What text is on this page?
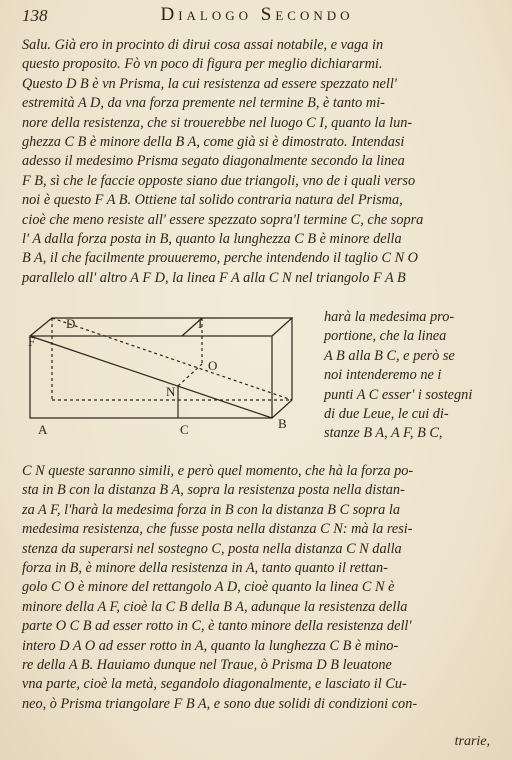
138	Dialogo Secondo
Salu. Già ero in procinto di dirui cosa assai notabile, e vaga in
questo proposito. Fò vn poco di figura per meglio dichiararmi.
Questo D B è vn Prisma, la cui resistenza ad essere spezzato nell'
estremità A D, da vna forza premente nel termine B, è tanto mi-
nore della resistenza, che si trouerebbe nel luogo C I, quanto la lun-
ghezza C B è minore della B A, come già si è dimostrato. Intendasi
adesso il medesimo Prisma segato diagonalmente secondo la linea
F B, sì che le faccie opposte siano due triangoli, vno de i quali verso
noi è questo F A B. Ottiene tal solido contraria natura del Prisma,
cioè che meno resiste all' essere spezzato sopra'l termine C, che sopra
l' A dalla forza posta in B, quanto la lunghezza C B è minore della
B A, il che facilmente prouueremo, perche intendendo il taglio C N O
parallelo all' altro A F D, la linea F A alla C N nel triangolo F A B
D	I
F
O
N
A	C	B
harà la medesima pro-
portione, che la linea
A B alla B C, e però se
noi intenderemo ne i
punti A C esser' i sostegni
di due Leue, le cui di-
stanze B A, A F, B C,
C N queste saranno simili, e però quel momento, che hà la forza po-
sta in B con la distanza B A, sopra la resistenza posta nella distan-
za A F, l'harà la medesima forza in B con la distanza B C sopra la
medesima resistenza, che fusse posta nella distanza C N: mà la resi-
stenza da superarsi nel sostegno C, posta nella distanza C N dalla
forza in B, è minore della resistenza in A, tanto quanto il rettan-
golo C O è minore del rettangolo A D, cioè quanto la linea C N è
minore della A F, cioè la C B della B A, adunque la resistenza della
parte O C B ad esser rotto in C, è tanto minore della resistenza dell'
intero D A O ad esser rotto in A, quanto la lunghezza C B è mino-
re della A B. Hauiamo dunque nel Traue, ò Prisma D B leuatone
vna parte, cioè la metà, segandolo diagonalmente, e lasciato il Cu-
neo, ò Prisma triangolare F B A, e sono due solidi di condizioni con-
trarie,
